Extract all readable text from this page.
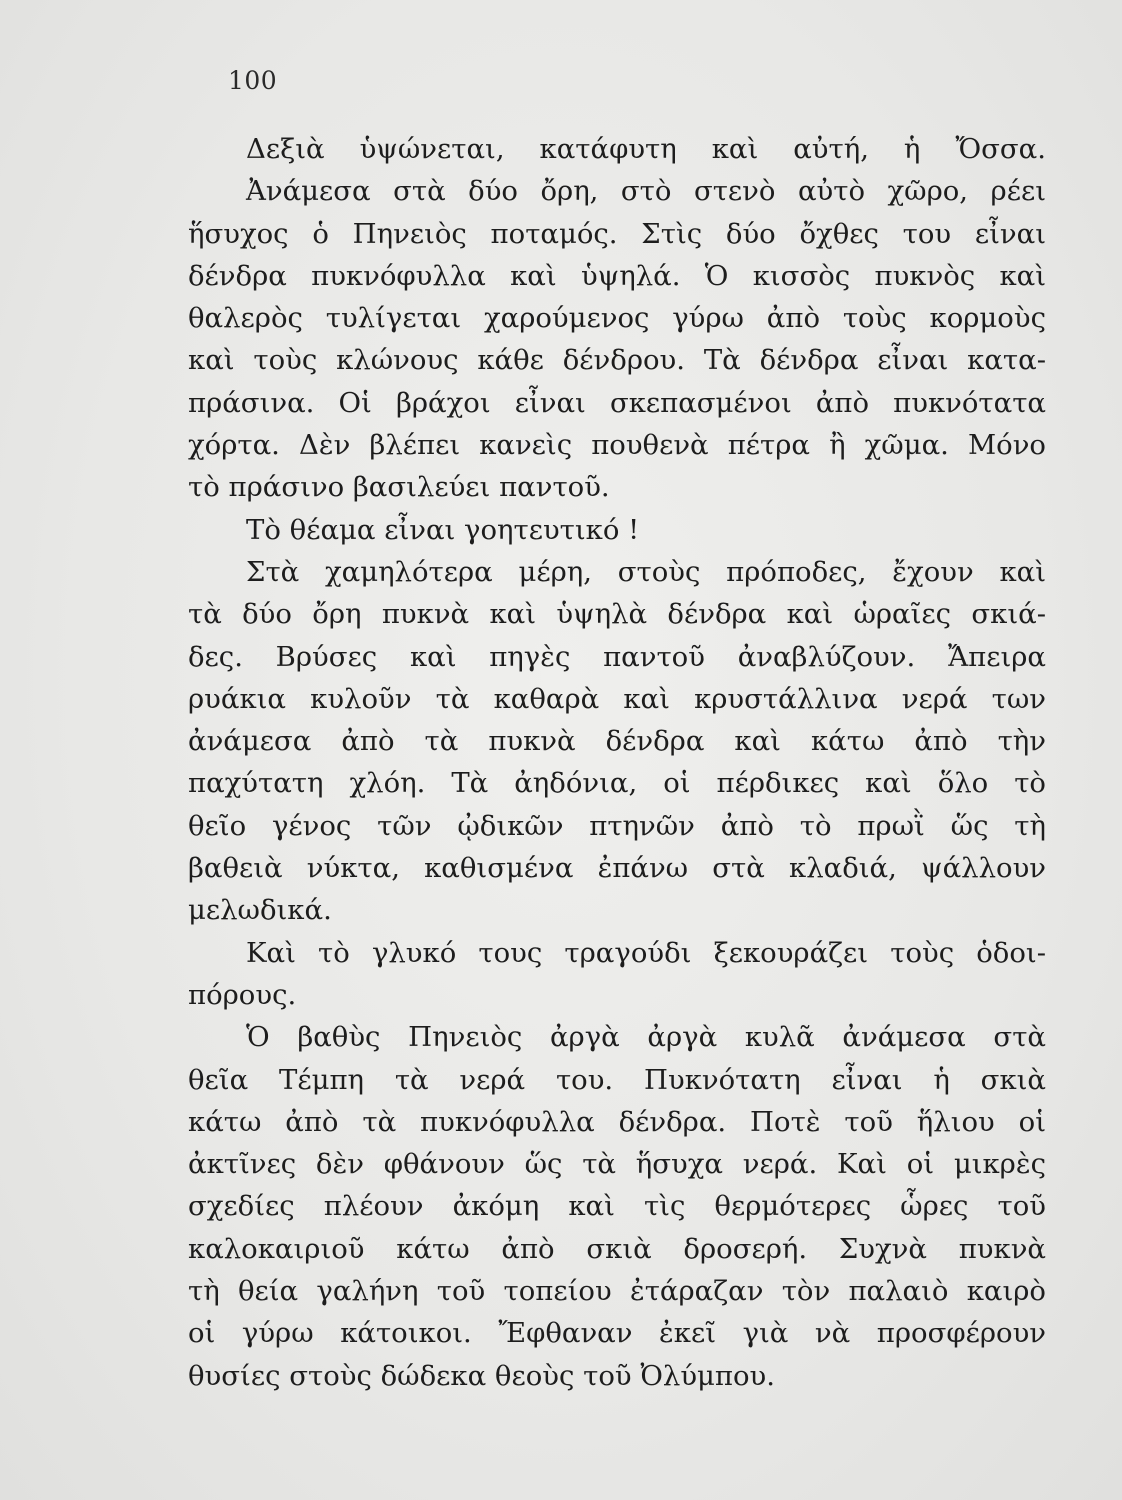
100
Δεξιὰ ὑψώνεται, κατάφυτη καὶ αὐτή, ἡ Ὄσσα.
Ἀνάμεσα στὰ δύο ὄρη, στὸ στενὸ αὐτὸ χῶρο, ρέει
ἥσυχος ὁ Πηνειὸς ποταμός. Στὶς δύο ὄχθες του εἶναι
δένδρα πυκνόφυλλα καὶ ὑψηλά. Ὁ κισσὸς πυκνὸς καὶ
θαλερὸς τυλίγεται χαρούμενος γύρω ἀπὸ τοὺς κορμοὺς
καὶ τοὺς κλώνους κάθε δένδρου. Τὰ δένδρα εἶναι κατα-
πράσινα. Οἱ βράχοι εἶναι σκεπασμένοι ἀπὸ πυκνότατα
χόρτα. Δὲν βλέπει κανεὶς πουθενὰ πέτρα ἢ χῶμα. Μόνο
τὸ πράσινο βασιλεύει παντοῦ.
Τὸ θέαμα εἶναι γοητευτικό !
Στὰ χαμηλότερα μέρη, στοὺς πρόποδες, ἔχουν καὶ
τὰ δύο ὄρη πυκνὰ καὶ ὑψηλὰ δένδρα καὶ ὡραῖες σκιά-
δες. Βρύσες καὶ πηγὲς παντοῦ ἀναβλύζουν. Ἄπειρα
ρυάκια κυλοῦν τὰ καθαρὰ καὶ κρυστάλλινα νερά των
ἀνάμεσα ἀπὸ τὰ πυκνὰ δένδρα καὶ κάτω ἀπὸ τὴν
παχύτατη χλόη. Τὰ ἀηδόνια, οἱ πέρδικες καὶ ὅλο τὸ
θεῖο γένος τῶν ᾠδικῶν πτηνῶν ἀπὸ τὸ πρωῒ ὥς τὴ
βαθειὰ νύκτα, καθισμένα ἐπάνω στὰ κλαδιά, ψάλλουν
μελωδικά.
Καὶ τὸ γλυκό τους τραγούδι ξεκουράζει τοὺς ὁδοι-
πόρους.
Ὁ βαθὺς Πηνειὸς ἀργὰ ἀργὰ κυλᾶ ἀνάμεσα στὰ
θεῖα Τέμπη τὰ νερά του. Πυκνότατη εἶναι ἡ σκιὰ
κάτω ἀπὸ τὰ πυκνόφυλλα δένδρα. Ποτὲ τοῦ ἥλιου οἱ
ἀκτῖνες δὲν φθάνουν ὥς τὰ ἥσυχα νερά. Καὶ οἱ μικρὲς
σχεδίες πλέουν ἀκόμη καὶ τὶς θερμότερες ὧρες τοῦ
καλοκαιριοῦ κάτω ἀπὸ σκιὰ δροσερή. Συχνὰ πυκνὰ
τὴ θεία γαλήνη τοῦ τοπείου ἐτάραζαν τὸν παλαιὸ καιρὸ
οἱ γύρω κάτοικοι. Ἔφθαναν ἐκεῖ γιὰ νὰ προσφέρουν
θυσίες στοὺς δώδεκα θεοὺς τοῦ Ὀλύμπου.
